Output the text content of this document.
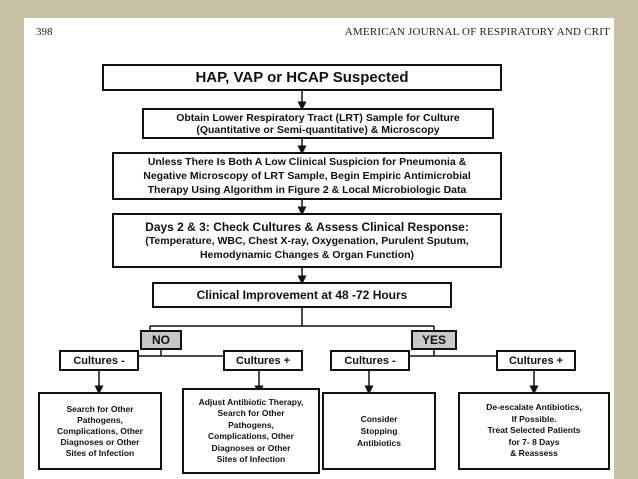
398	AMERICAN JOURNAL OF RESPIRATORY AND CRIT
HAP, VAP or HCAP Suspected
Obtain Lower Respiratory Tract (LRT) Sample for Culture
(Quantitative or Semi-quantitative) & Microscopy
Unless There Is Both A Low Clinical Suspicion for Pneumonia &
Negative Microscopy of LRT Sample, Begin Empiric Antimicrobial
Therapy Using Algorithm in Figure 2 & Local Microbiologic Data
Days 2 & 3: Check Cultures & Assess Clinical Response:
(Temperature, WBC, Chest X-ray, Oxygenation, Purulent Sputum,
Hemodynamic Changes & Organ Function)
Clinical Improvement at 48 -72 Hours
NO	YES
Cultures -	Cultures +	Cultures -	Cultures +
Search for Other
Pathogens,
Complications, Other
Diagnoses or Other
Sites of Infection
Adjust Antibiotic Therapy,
Search for Other
Pathogens,
Complications, Other
Diagnoses or Other
Sites of Infection
Consider
Stopping
Antibiotics
De-escalate Antibiotics,
If Possible.
Treat Selected Patients
for 7- 8 Days
& Reassess
